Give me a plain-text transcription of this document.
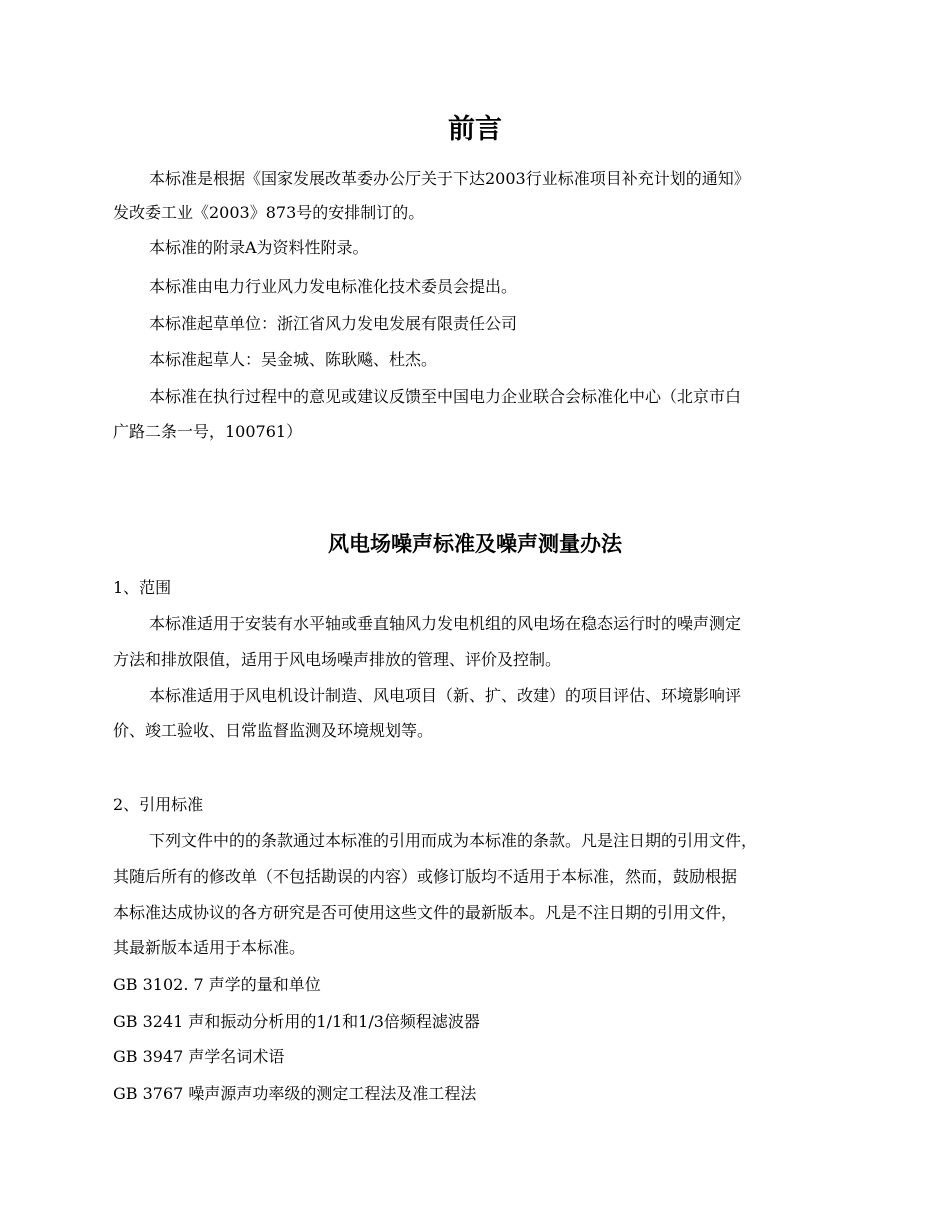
前言
本标准是根据《国家发展改革委办公厅关于下达2003行业标准项目补充计划的通知》
发改委工业《2003》873号的安排制订的。
本标准的附录A为资料性附录。
本标准由电力行业风力发电标准化技术委员会提出。
本标准起草单位：浙江省风力发电发展有限责任公司
本标准起草人：吴金城、陈耿飚、杜杰。
本标准在执行过程中的意见或建议反馈至中国电力企业联合会标准化中心（北京市白
广路二条一号，100761）
风电场噪声标准及噪声测量办法
1、范围
本标准适用于安装有水平轴或垂直轴风力发电机组的风电场在稳态运行时的噪声测定
方法和排放限值，适用于风电场噪声排放的管理、评价及控制。
本标准适用于风电机设计制造、风电项目（新、扩、改建）的项目评估、环境影响评
价、竣工验收、日常监督监测及环境规划等。
2、引用标准
下列文件中的的条款通过本标准的引用而成为本标准的条款。凡是注日期的引用文件，
其随后所有的修改单（不包括勘误的内容）或修订版均不适用于本标准，然而，鼓励根据
本标准达成协议的各方研究是否可使用这些文件的最新版本。凡是不注日期的引用文件，
其最新版本适用于本标准。
GB 3102. 7 声学的量和单位
GB 3241 声和振动分析用的1/1和1/3倍频程滤波器
GB 3947 声学名词术语
GB 3767 噪声源声功率级的测定工程法及准工程法
